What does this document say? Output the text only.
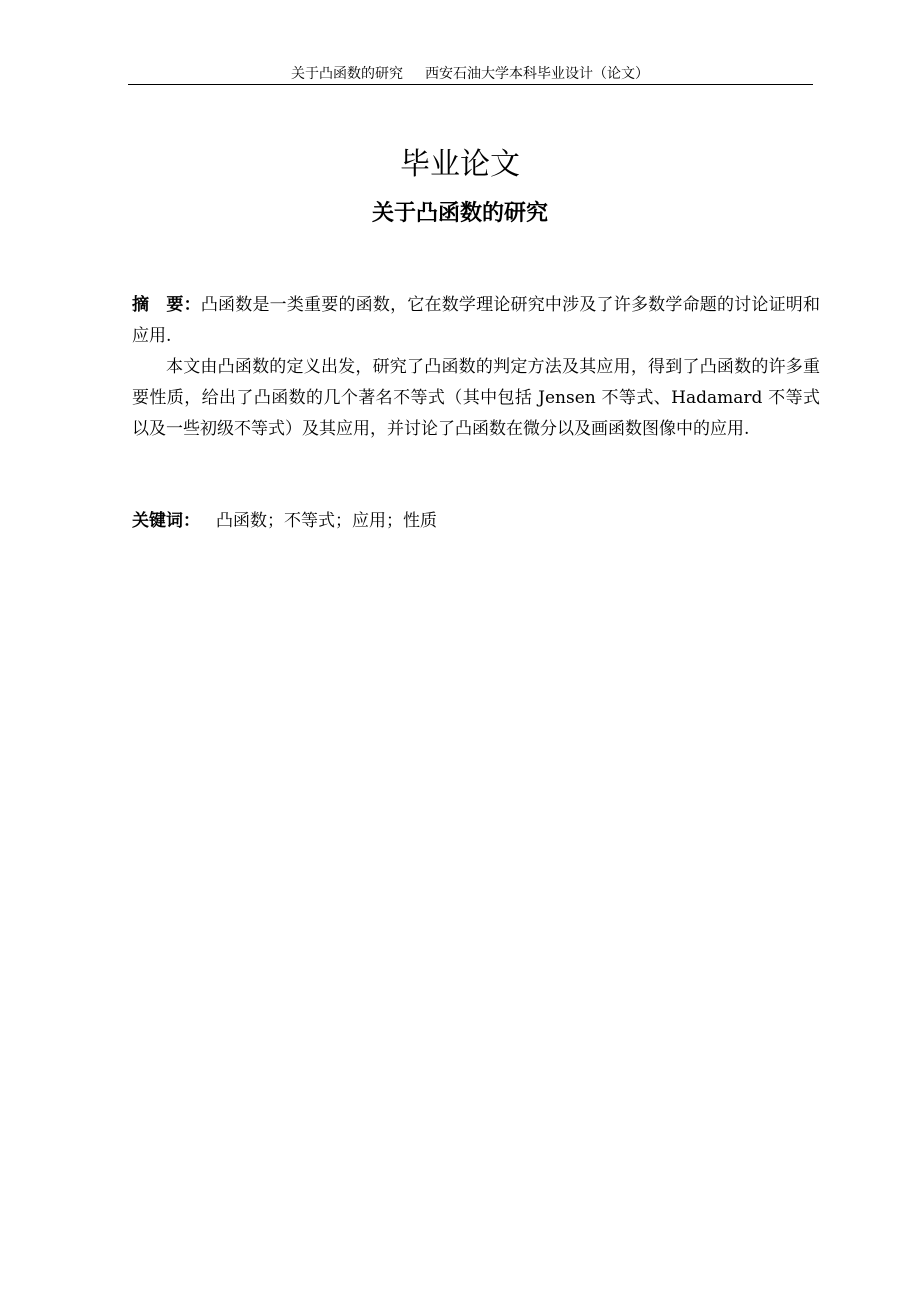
关于凸函数的研究 西安石油大学本科毕业设计（论文）
毕业论文
关于凸函数的研究

摘　要：凸函数是一类重要的函数，它在数学理论研究中涉及了许多数学命题的讨论证明和应用.

本文由凸函数的定义出发，研究了凸函数的判定方法及其应用，得到了凸函数的许多重要性质，给出了凸函数的几个著名不等式（其中包括 Jensen 不等式、Hadamard 不等式以及一些初级不等式）及其应用，并讨论了凸函数在微分以及画函数图像中的应用.

关键词： 凸函数；不等式；应用；性质
